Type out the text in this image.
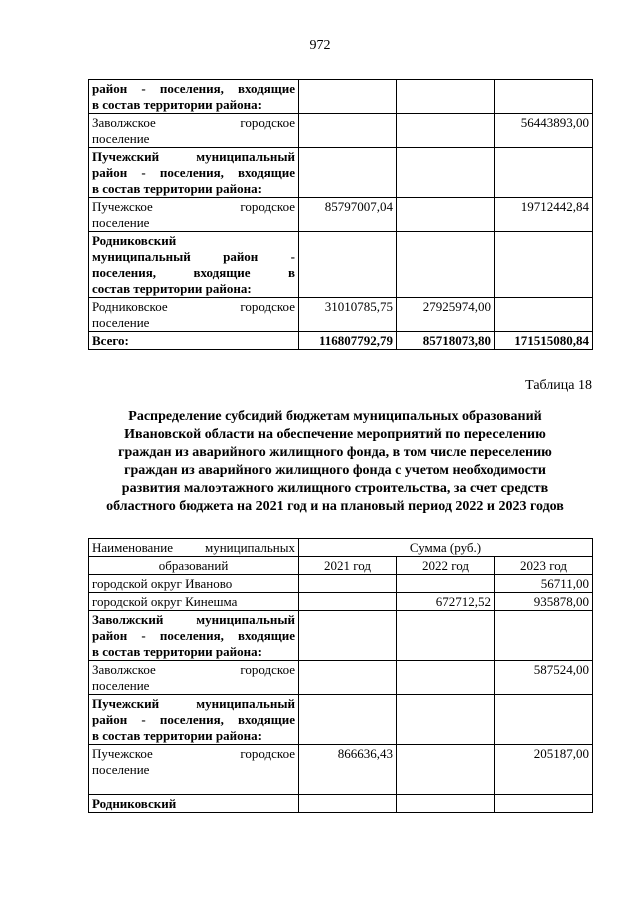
972
район - поселения, входящие
в состав территории района:			

Заволжское городское
поселение			56443893,00

Пучежский муниципальный
район - поселения, входящие
в состав территории района:			

Пучежское городское
поселение	85797007,04		19712442,84

Родниковский
муниципальный район -
поселения, входящие в
состав территории района:			

Родниковское городское
поселение	31010785,75	27925974,00	

Всего:	116807792,79	85718073,80	171515080,84
Таблица 18
Распределение субсидий бюджетам муниципальных образований
Ивановской области на обеспечение мероприятий по переселению
граждан из аварийного жилищного фонда, в том числе переселению
граждан из аварийного жилищного фонда с учетом необходимости
развития малоэтажного жилищного строительства, за счет средств
областного бюджета на 2021 год и на плановый период 2022 и 2023 годов
Наименование муниципальных	Сумма (руб.)		
образований	2021 год	2022 год	2023 год

городской округ Иваново			56711,00

городской округ Кинешма		672712,52	935878,00

Заволжский муниципальный
район - поселения, входящие
в состав территории района:			

Заволжское городское
поселение			587524,00

Пучежский муниципальный
район - поселения, входящие
в состав территории района:			

Пучежское городское
поселение	866636,43		205187,00

Родниковский			
